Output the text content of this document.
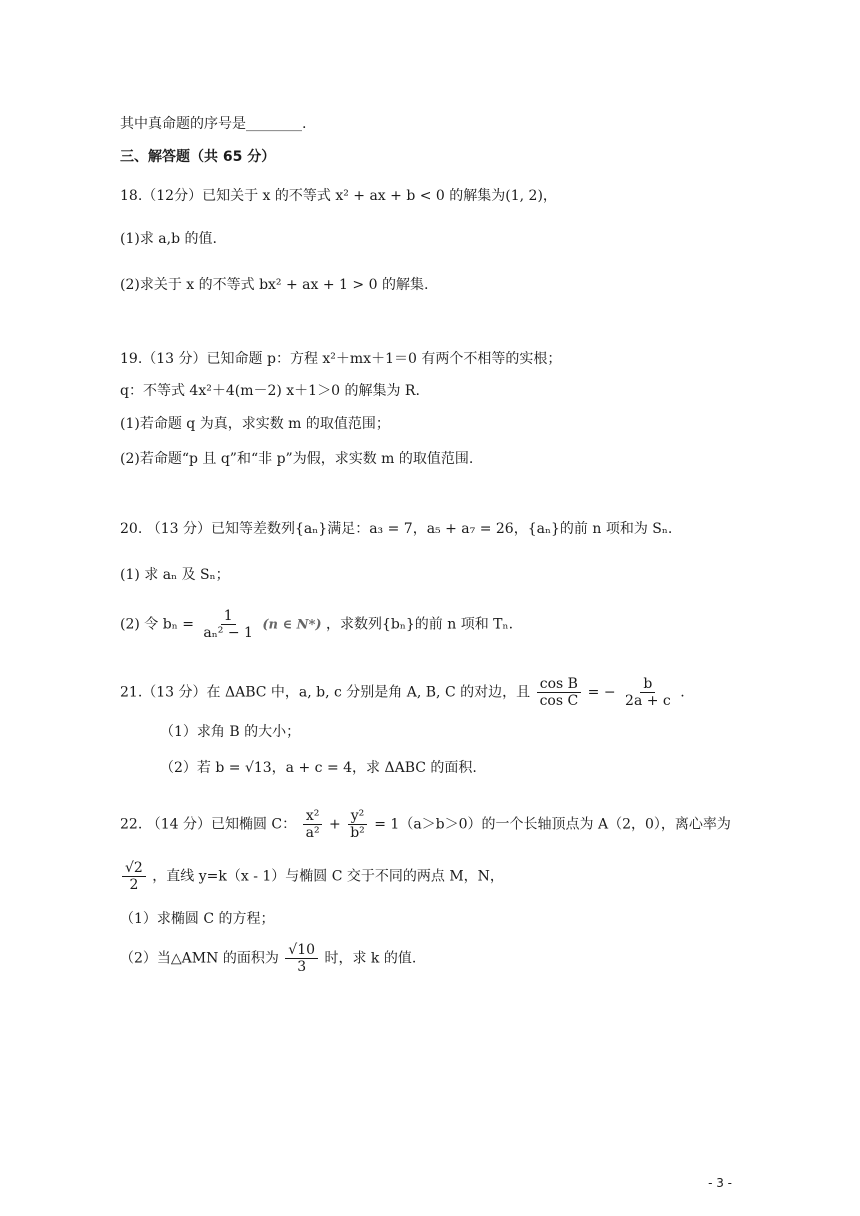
其中真命题的序号是________.
三、解答题（共 65 分）
18.（12分）已知关于 x 的不等式 x² + ax + b < 0 的解集为(1, 2)，
(1)求 a,b 的值.
(2)求关于 x 的不等式 bx² + ax + 1 > 0 的解集.
19.（13 分）已知命题 p：方程 x²＋mx＋1＝0 有两个不相等的实根；
q：不等式 4x²＋4(m－2) x＋1＞0 的解集为 R.
(1)若命题 q 为真，求实数 m 的取值范围；
(2)若命题“p 且 q”和“非 p”为假，求实数 m 的取值范围.
20. （13 分）已知等差数列{aₙ}满足：a₃ = 7，a₅ + a₇ = 26，{aₙ}的前 n 项和为 Sₙ.
(1) 求 aₙ 及 Sₙ；
(2) 令 $b_n = \frac{1}{\text{aₙ² − 1}} (n$ ∈ N*) ，求数列{bₙ}的前 n 项和 Tₙ.
21.（13 分）在 ΔABC 中，a, b, c 分别是角 A, B, C 的对边，且 $\frac{\text{cos B}}{\text{cos C}}$ = − $\frac{b}{2a + c}$ .
（1）求角 B 的大小；
（2）若 b = √13，a + c = 4，求 ΔABC 的面积.
22. （14 分）已知椭圆 C： $\frac{\text{x²}}{\text{a²}} + \frac{\text{y²}}{\text{b²}} = 1(a>b>0)$的一个长轴顶点为 A（2，0），离心率为
$\frac{√2}{2}$ ，直线 y=k（x - 1）与椭圆 C 交于不同的两点 M，N，
（1）求椭圆 C 的方程；
（2）当△AMN 的面积为 $\frac{√10}{3}$ 时，求 k 的值.
- 3 -
